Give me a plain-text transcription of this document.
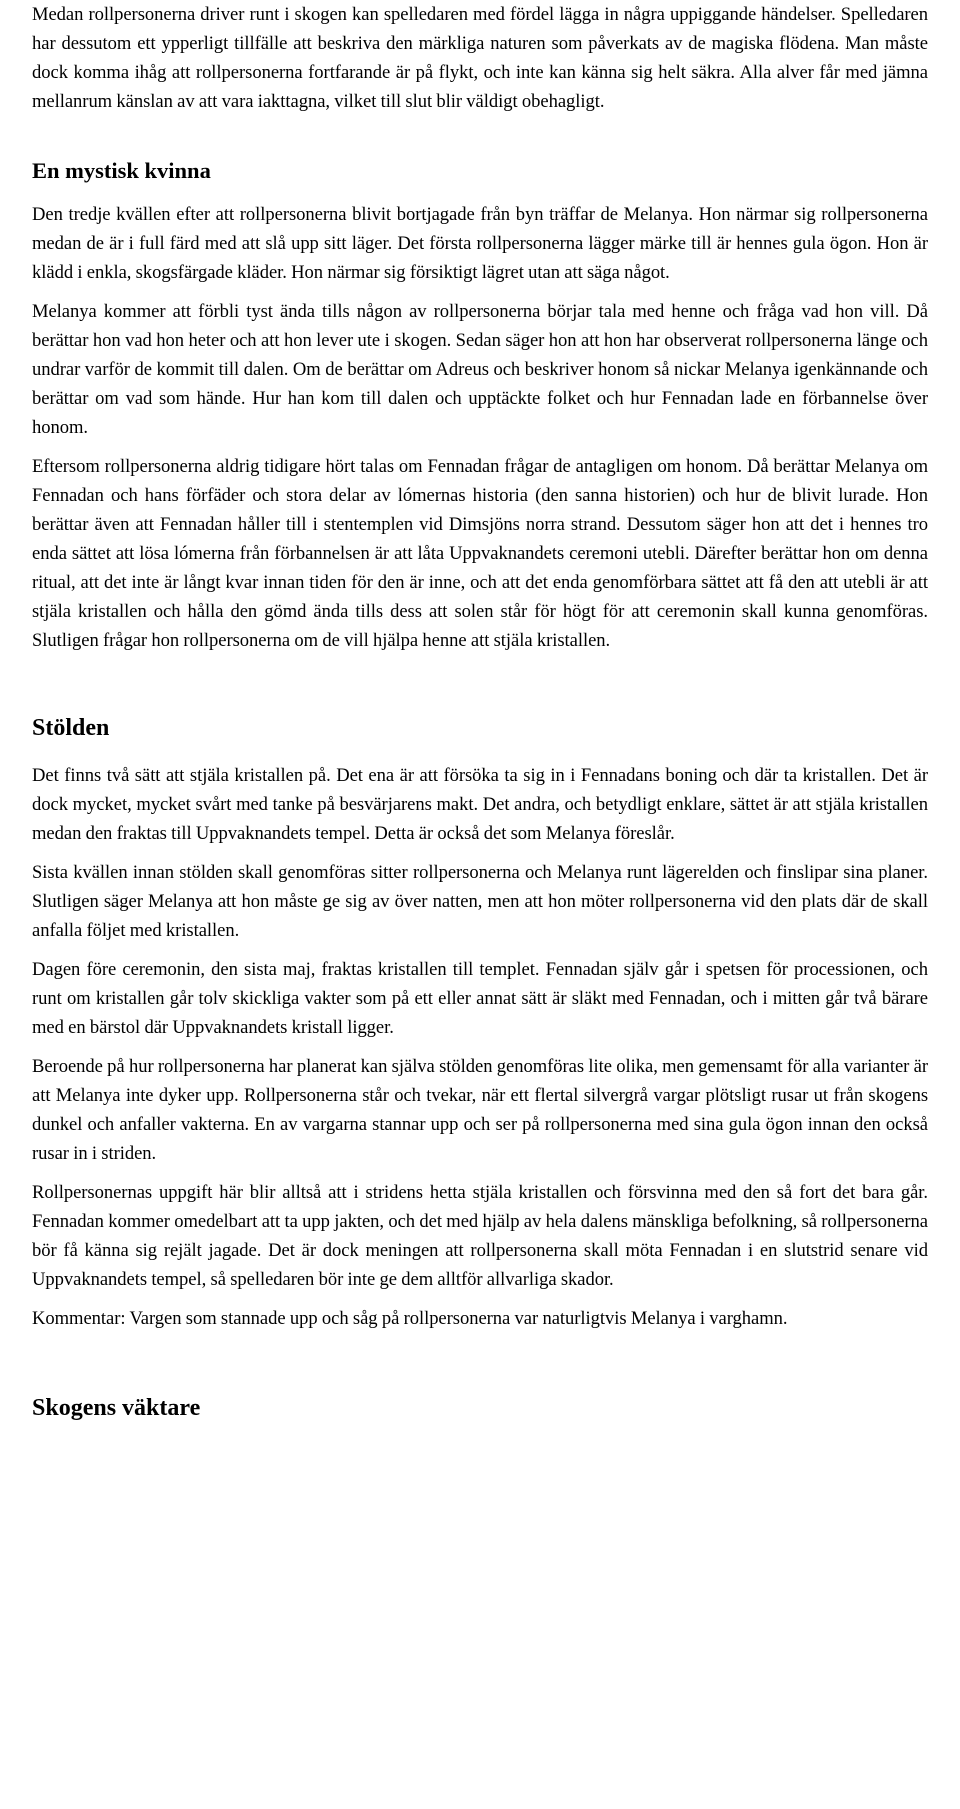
Medan rollpersonerna driver runt i skogen kan spelledaren med fördel lägga in några uppiggande händelser. Spelledaren har dessutom ett ypperligt tillfälle att beskriva den märkliga naturen som påverkats av de magiska flödena. Man måste dock komma ihåg att rollpersonerna fortfarande är på flykt, och inte kan känna sig helt säkra. Alla alver får med jämna mellanrum känslan av att vara iakttagna, vilket till slut blir väldigt obehagligt.

En mystisk kvinna

Den tredje kvällen efter att rollpersonerna blivit bortjagade från byn träffar de Melanya. Hon närmar sig rollpersonerna medan de är i full färd med att slå upp sitt läger. Det första rollpersonerna lägger märke till är hennes gula ögon. Hon är klädd i enkla, skogsfärgade kläder. Hon närmar sig försiktigt lägret utan att säga något.

Melanya kommer att förbli tyst ända tills någon av rollpersonerna börjar tala med henne och fråga vad hon vill. Då berättar hon vad hon heter och att hon lever ute i skogen. Sedan säger hon att hon har observerat rollpersonerna länge och undrar varför de kommit till dalen. Om de berättar om Adreus och beskriver honom så nickar Melanya igenkännande och berättar om vad som hände. Hur han kom till dalen och upptäckte folket och hur Fennadan lade en förbannelse över honom.

Eftersom rollpersonerna aldrig tidigare hört talas om Fennadan frågar de antagligen om honom. Då berättar Melanya om Fennadan och hans förfäder och stora delar av lómernas historia (den sanna historien) och hur de blivit lurade. Hon berättar även att Fennadan håller till i stentemplen vid Dimsjöns norra strand. Dessutom säger hon att det i hennes tro enda sättet att lösa lómerna från förbannelsen är att låta Uppvaknandets ceremoni utebli. Därefter berättar hon om denna ritual, att det inte är långt kvar innan tiden för den är inne, och att det enda genomförbara sättet att få den att utebli är att stjäla kristallen och hålla den gömd ända tills dess att solen står för högt för att ceremonin skall kunna genomföras. Slutligen frågar hon rollpersonerna om de vill hjälpa henne att stjäla kristallen.

Stölden

Det finns två sätt att stjäla kristallen på. Det ena är att försöka ta sig in i Fennadans boning och där ta kristallen. Det är dock mycket, mycket svårt med tanke på besvärjarens makt. Det andra, och betydligt enklare, sättet är att stjäla kristallen medan den fraktas till Uppvaknandets tempel. Detta är också det som Melanya föreslår.

Sista kvällen innan stölden skall genomföras sitter rollpersonerna och Melanya runt lägerelden och finslipar sina planer. Slutligen säger Melanya att hon måste ge sig av över natten, men att hon möter rollpersonerna vid den plats där de skall anfalla följet med kristallen.

Dagen före ceremonin, den sista maj, fraktas kristallen till templet. Fennadan själv går i spetsen för processionen, och runt om kristallen går tolv skickliga vakter som på ett eller annat sätt är släkt med Fennadan, och i mitten går två bärare med en bärstol där Uppvaknandets kristall ligger.

Beroende på hur rollpersonerna har planerat kan själva stölden genomföras lite olika, men gemensamt för alla varianter är att Melanya inte dyker upp. Rollpersonerna står och tvekar, när ett flertal silvergrå vargar plötsligt rusar ut från skogens dunkel och anfaller vakterna. En av vargarna stannar upp och ser på rollpersonerna med sina gula ögon innan den också rusar in i striden.

Rollpersonernas uppgift här blir alltså att i stridens hetta stjäla kristallen och försvinna med den så fort det bara går. Fennadan kommer omedelbart att ta upp jakten, och det med hjälp av hela dalens mänskliga befolkning, så rollpersonerna bör få känna sig rejält jagade. Det är dock meningen att rollpersonerna skall möta Fennadan i en slutstrid senare vid Uppvaknandets tempel, så spelledaren bör inte ge dem alltför allvarliga skador.

Kommentar: Vargen som stannade upp och såg på rollpersonerna var naturligtvis Melanya i varghamn.

Skogens väktare
